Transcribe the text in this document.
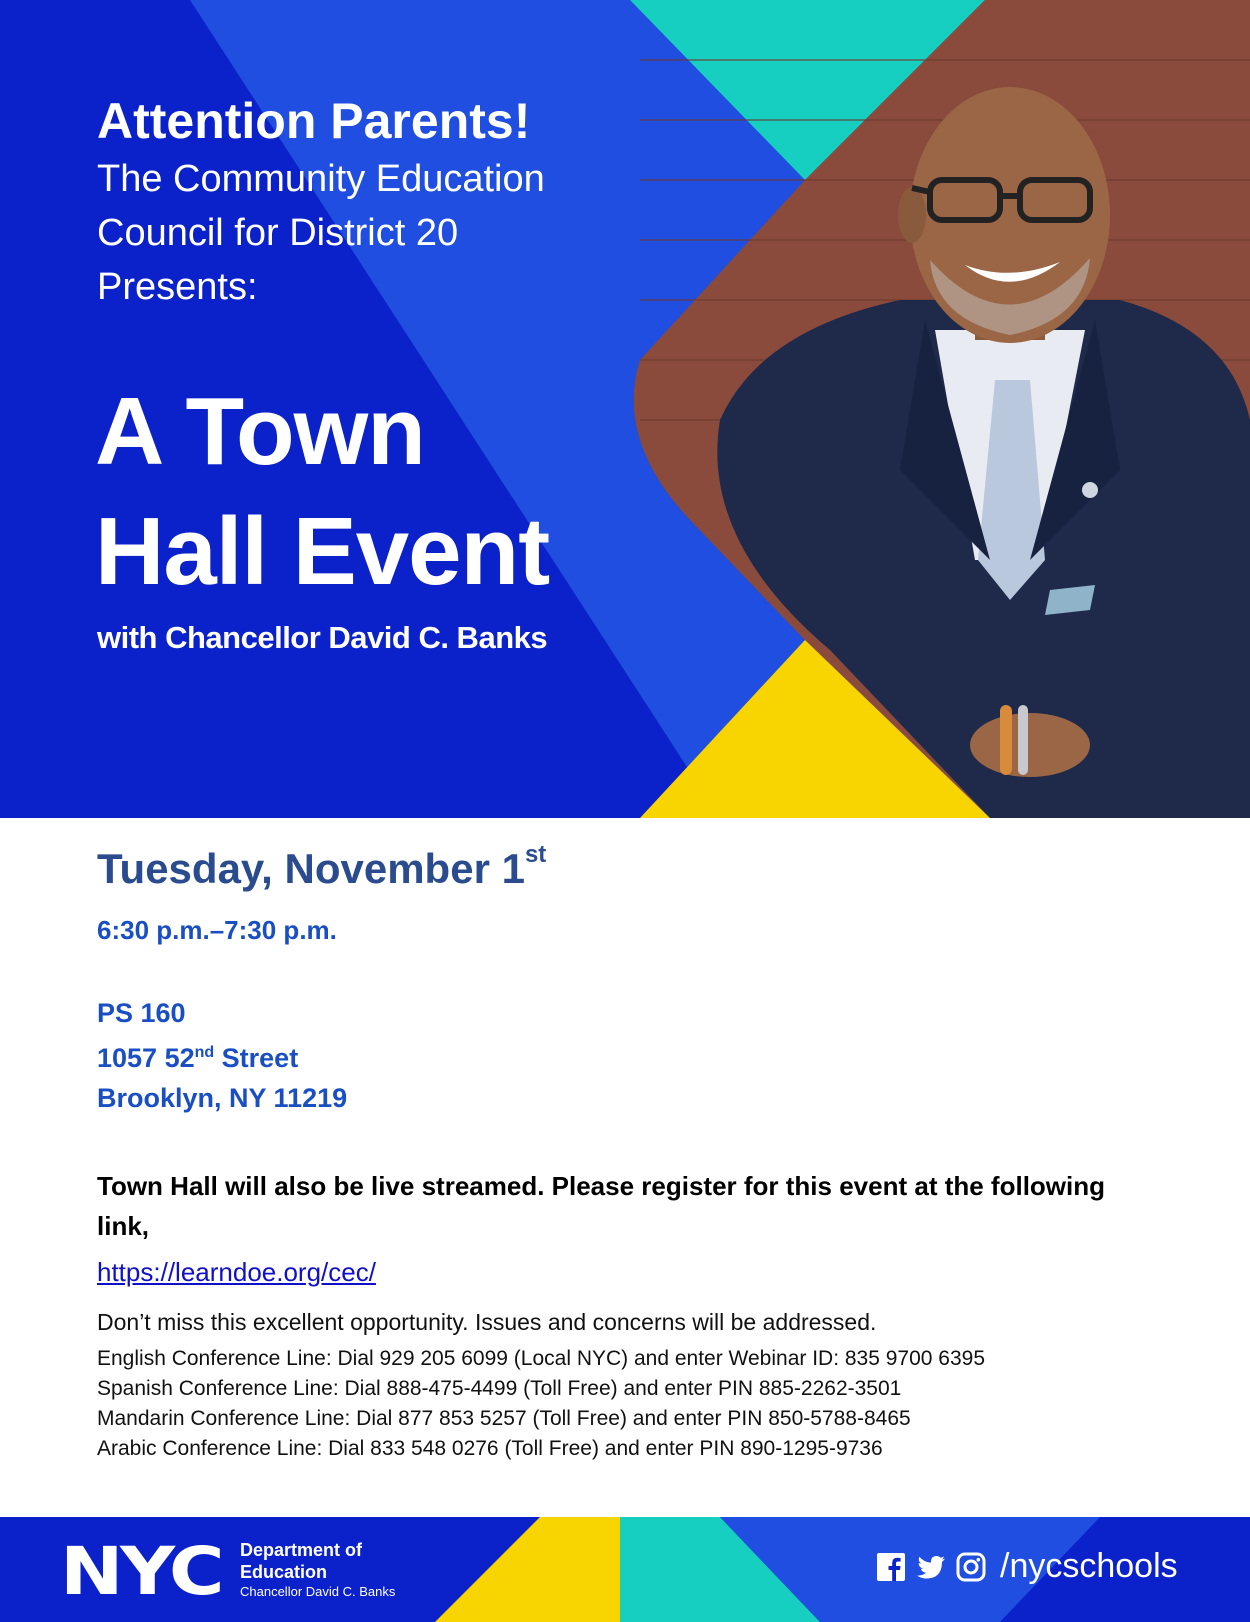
Attention Parents!

The Community Education

Council for District 20

Presents:

A Town
Hall Event
with Chancellor David C. Banks
Tuesday, November 1st
6:30 p.m.–7:30 p.m.
PS 160
1057 52nd Street
Brooklyn, NY 11219
Town Hall will also be live streamed. Please register for this event at the following link,
https://learndoe.org/cec/
Don’t miss this excellent opportunity. Issues and concerns will be addressed.
English Conference Line: Dial 929 205 6099 (Local NYC) and enter Webinar ID: 835 9700 6395
Spanish Conference Line: Dial 888-475-4499 (Toll Free) and enter PIN 885-2262-3501
Mandarin Conference Line: Dial 877 853 5257 (Toll Free) and enter PIN 850-5788-8465
Arabic Conference Line: Dial 833 548 0276 (Toll Free) and enter PIN 890-1295-9736
NYC Department of
Education
Chancellor David C. Banks
/nycschools
